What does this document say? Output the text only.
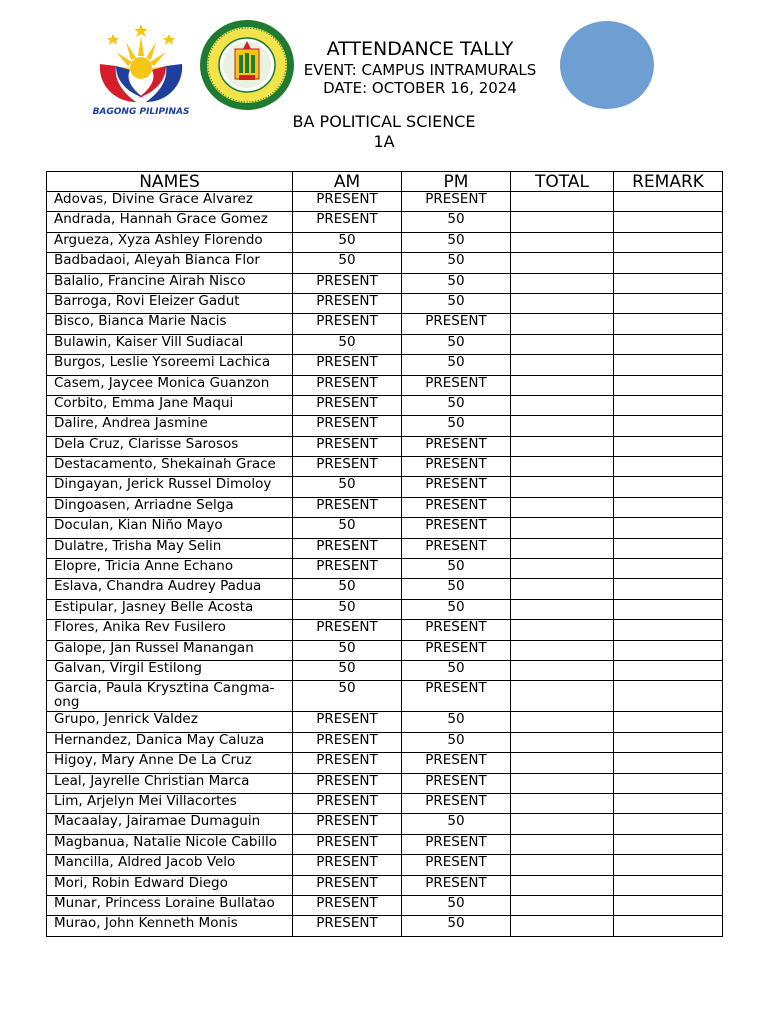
BAGONG PILIPINAS
ATTENDANCE TALLY
EVENT: CAMPUS INTRAMURALS
DATE: OCTOBER 16, 2024
BA POLITICAL SCIENCE
1A
NAMES	AM	PM	TOTAL	REMARK
Adovas, Divine Grace Alvarez	PRESENT	PRESENT		
Andrada, Hannah Grace Gomez	PRESENT	50		
Argueza, Xyza Ashley Florendo	50	50		
Badbadaoi, Aleyah Bianca Flor	50	50		
Balalio, Francine Airah Nisco	PRESENT	50		
Barroga, Rovi Eleizer Gadut	PRESENT	50		
Bisco, Bianca Marie Nacis	PRESENT	PRESENT		
Bulawin, Kaiser Vill Sudiacal	50	50		
Burgos, Leslie Ysoreemi Lachica	PRESENT	50		
Casem, Jaycee Monica Guanzon	PRESENT	PRESENT		
Corbito, Emma Jane Maqui	PRESENT	50		
Dalire, Andrea Jasmine	PRESENT	50		
Dela Cruz, Clarisse Sarosos	PRESENT	PRESENT		
Destacamento, Shekainah Grace	PRESENT	PRESENT		
Dingayan, Jerick Russel Dimoloy	50	PRESENT		
Dingoasen, Arriadne Selga	PRESENT	PRESENT		
Doculan, Kian Niño Mayo	50	PRESENT		
Dulatre, Trisha May Selin	PRESENT	PRESENT		
Elopre, Tricia Anne Echano	PRESENT	50		
Eslava, Chandra Audrey Padua	50	50		
Estipular, Jasney Belle Acosta	50	50		
Flores, Anika Rev Fusilero	PRESENT	PRESENT		
Galope, Jan Russel Manangan	50	PRESENT		
Galvan, Virgil Estilong	50	50		
Garcia, Paula Krysztina Cangma-ong	50	PRESENT		
Grupo, Jenrick Valdez	PRESENT	50		
Hernandez, Danica May Caluza	PRESENT	50		
Higoy, Mary Anne De La Cruz	PRESENT	PRESENT		
Leal, Jayrelle Christian Marca	PRESENT	PRESENT		
Lim, Arjelyn Mei Villacortes	PRESENT	PRESENT		
Macaalay, Jairamae Dumaguin	PRESENT	50		
Magbanua, Natalie Nicole Cabillo	PRESENT	PRESENT		
Mancilla, Aldred Jacob Velo	PRESENT	PRESENT		
Mori, Robin Edward Diego	PRESENT	PRESENT		
Munar, Princess Loraine Bullatao	PRESENT	50		
Murao, John Kenneth Monis	PRESENT	50		
